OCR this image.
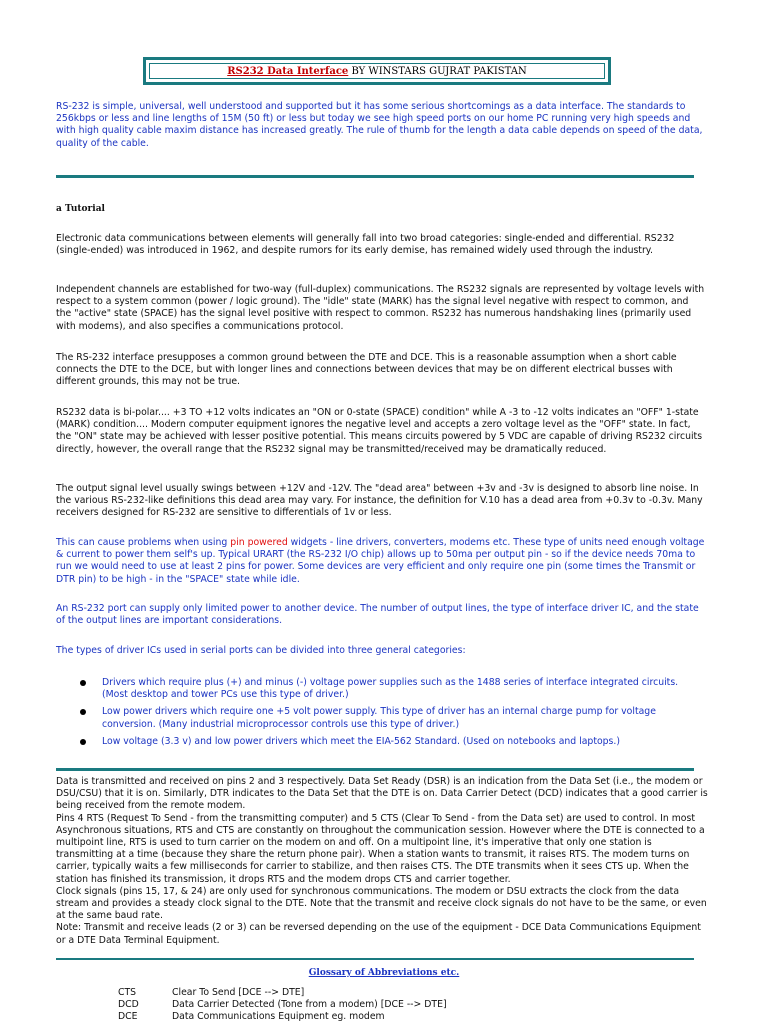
RS232 Data Interface BY WINSTARS GUJRAT PAKISTAN

RS-232 is simple, universal, well understood and supported but it has some serious shortcomings as a data interface. The standards to 256kbps or less and line lengths of 15M (50 ft) or less but today we see high speed ports on our home PC running very high speeds and with high quality cable maxim distance has increased greatly. The rule of thumb for the length a data cable depends on speed of the data, quality of the cable.

a Tutorial

Electronic data communications between elements will generally fall into two broad categories: single-ended and differential. RS232 (single-ended) was introduced in 1962, and despite rumors for its early demise, has remained widely used through the industry.

Independent channels are established for two-way (full-duplex) communications. The RS232 signals are represented by voltage levels with respect to a system common (power / logic ground). The "idle" state (MARK) has the signal level negative with respect to common, and the "active" state (SPACE) has the signal level positive with respect to common. RS232 has numerous handshaking lines (primarily used with modems), and also specifies a communications protocol.

The RS-232 interface presupposes a common ground between the DTE and DCE. This is a reasonable assumption when a short cable connects the DTE to the DCE, but with longer lines and connections between devices that may be on different electrical busses with different grounds, this may not be true.

RS232 data is bi-polar.... +3 TO +12 volts indicates an "ON or 0-state (SPACE) condition" while A -3 to -12 volts indicates an "OFF" 1-state (MARK) condition.... Modern computer equipment ignores the negative level and accepts a zero voltage level as the "OFF" state. In fact, the "ON" state may be achieved with lesser positive potential. This means circuits powered by 5 VDC are capable of driving RS232 circuits directly, however, the overall range that the RS232 signal may be transmitted/received may be dramatically reduced.

The output signal level usually swings between +12V and -12V. The "dead area" between +3v and -3v is designed to absorb line noise. In the various RS-232-like definitions this dead area may vary. For instance, the definition for V.10 has a dead area from +0.3v to -0.3v. Many receivers designed for RS-232 are sensitive to differentials of 1v or less.

This can cause problems when using pin powered widgets - line drivers, converters, modems etc. These type of units need enough voltage & current to power them self's up. Typical URART (the RS-232 I/O chip) allows up to 50ma per output pin - so if the device needs 70ma to run we would need to use at least 2 pins for power. Some devices are very efficient and only require one pin (some times the Transmit or DTR pin) to be high - in the "SPACE" state while idle.

An RS-232 port can supply only limited power to another device. The number of output lines, the type of interface driver IC, and the state of the output lines are important considerations.

The types of driver ICs used in serial ports can be divided into three general categories:

Drivers which require plus (+) and minus (-) voltage power supplies such as the 1488 series of interface integrated circuits. (Most desktop and tower PCs use this type of driver.)
Low power drivers which require one +5 volt power supply. This type of driver has an internal charge pump for voltage conversion. (Many industrial microprocessor controls use this type of driver.)
Low voltage (3.3 v) and low power drivers which meet the EIA-562 Standard. (Used on notebooks and laptops.)

Data is transmitted and received on pins 2 and 3 respectively. Data Set Ready (DSR) is an indication from the Data Set (i.e., the modem or DSU/CSU) that it is on. Similarly, DTR indicates to the Data Set that the DTE is on. Data Carrier Detect (DCD) indicates that a good carrier is being received from the remote modem.

Pins 4 RTS (Request To Send - from the transmitting computer) and 5 CTS (Clear To Send - from the Data set) are used to control. In most Asynchronous situations, RTS and CTS are constantly on throughout the communication session. However where the DTE is connected to a multipoint line, RTS is used to turn carrier on the modem on and off. On a multipoint line, it's imperative that only one station is transmitting at a time (because they share the return phone pair). When a station wants to transmit, it raises RTS. The modem turns on carrier, typically waits a few milliseconds for carrier to stabilize, and then raises CTS. The DTE transmits when it sees CTS up. When the station has finished its transmission, it drops RTS and the modem drops CTS and carrier together.

Clock signals (pins 15, 17, & 24) are only used for synchronous communications. The modem or DSU extracts the clock from the data stream and provides a steady clock signal to the DTE. Note that the transmit and receive clock signals do not have to be the same, or even at the same baud rate.

Note: Transmit and receive leads (2 or 3) can be reversed depending on the use of the equipment - DCE Data Communications Equipment or a DTE Data Terminal Equipment.

Glossary of Abbreviations etc.
CTS	Clear To Send [DCE --> DTE]
DCD	Data Carrier Detected (Tone from a modem) [DCE --> DTE]
DCE	Data Communications Equipment eg. modem
